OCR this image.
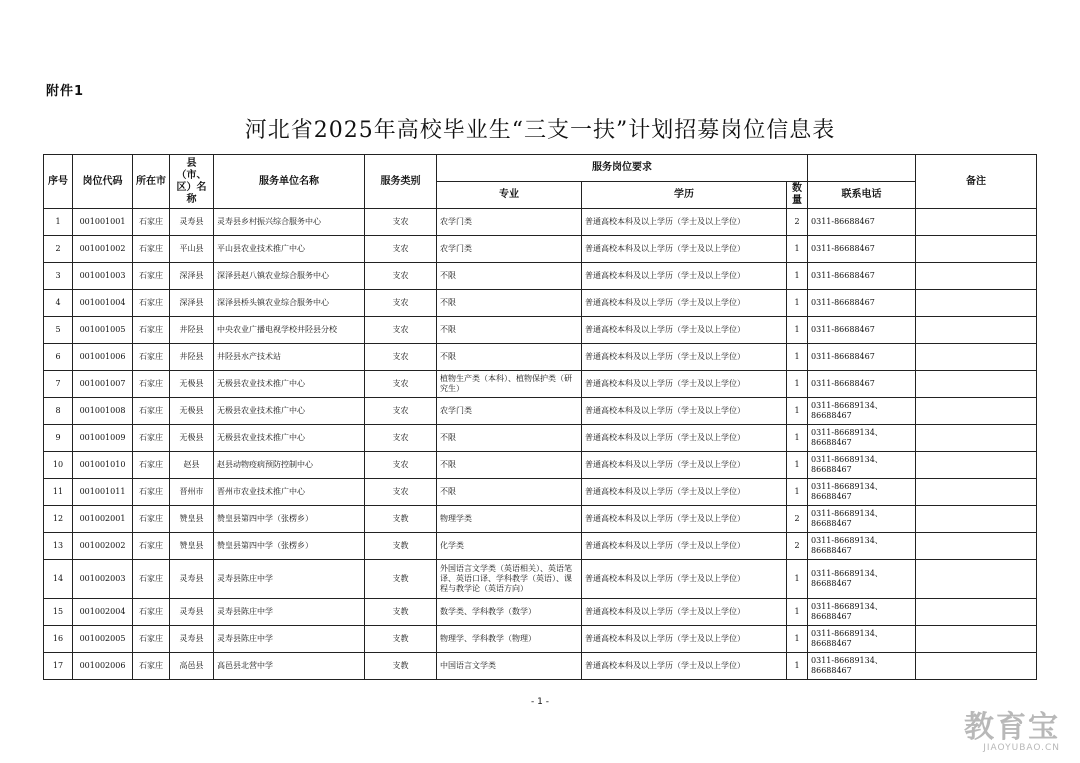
附件1
河北省2025年高校毕业生“三支一扶”计划招募岗位信息表
序号	岗位代码	所在市	县（市、区）名称	服务单位名称	服务类别	服务岗位要求				备注
						专业	学历	数量	联系电话	
1	001001001	石家庄	灵寿县	灵寿县乡村振兴综合服务中心	支农	农学门类	普通高校本科及以上学历（学士及以上学位）	2	0311-86688467	
2	001001002	石家庄	平山县	平山县农业技术推广中心	支农	农学门类	普通高校本科及以上学历（学士及以上学位）	1	0311-86688467	
3	001001003	石家庄	深泽县	深泽县赵八镇农业综合服务中心	支农	不限	普通高校本科及以上学历（学士及以上学位）	1	0311-86688467	
4	001001004	石家庄	深泽县	深泽县桥头镇农业综合服务中心	支农	不限	普通高校本科及以上学历（学士及以上学位）	1	0311-86688467	
5	001001005	石家庄	井陉县	中央农业广播电视学校井陉县分校	支农	不限	普通高校本科及以上学历（学士及以上学位）	1	0311-86688467	
6	001001006	石家庄	井陉县	井陉县水产技术站	支农	不限	普通高校本科及以上学历（学士及以上学位）	1	0311-86688467	
7	001001007	石家庄	无极县	无极县农业技术推广中心	支农	植物生产类（本科）、植物保护类（研究生）	普通高校本科及以上学历（学士及以上学位）	1	0311-86688467	
8	001001008	石家庄	无极县	无极县农业技术推广中心	支农	农学门类	普通高校本科及以上学历（学士及以上学位）	1	0311-86689134、86688467	
9	001001009	石家庄	无极县	无极县农业技术推广中心	支农	不限	普通高校本科及以上学历（学士及以上学位）	1	0311-86689134、86688467	
10	001001010	石家庄	赵县	赵县动物疫病预防控制中心	支农	不限	普通高校本科及以上学历（学士及以上学位）	1	0311-86689134、86688467	
11	001001011	石家庄	晋州市	晋州市农业技术推广中心	支农	不限	普通高校本科及以上学历（学士及以上学位）	1	0311-86689134、86688467	
12	001002001	石家庄	赞皇县	赞皇县第四中学（张楞乡）	支教	物理学类	普通高校本科及以上学历（学士及以上学位）	2	0311-86689134、86688467	
13	001002002	石家庄	赞皇县	赞皇县第四中学（张楞乡）	支教	化学类	普通高校本科及以上学历（学士及以上学位）	2	0311-86689134、86688467	
14	001002003	石家庄	灵寿县	灵寿县陈庄中学	支教	外国语言文学类（英语相关）、英语笔译、英语口译、学科教学（英语）、课程与教学论（英语方向）	普通高校本科及以上学历（学士及以上学位）	1	0311-86689134、86688467	
15	001002004	石家庄	灵寿县	灵寿县陈庄中学	支教	数学类、学科教学（数学）	普通高校本科及以上学历（学士及以上学位）	1	0311-86689134、86688467	
16	001002005	石家庄	灵寿县	灵寿县陈庄中学	支教	物理学、学科教学（物理）	普通高校本科及以上学历（学士及以上学位）	1	0311-86689134、86688467	
17	001002006	石家庄	高邑县	高邑县北营中学	支教	中国语言文学类	普通高校本科及以上学历（学士及以上学位）	1	0311-86689134、86688467	
- 1 -
教育宝
JIAOYUBAO.CN
